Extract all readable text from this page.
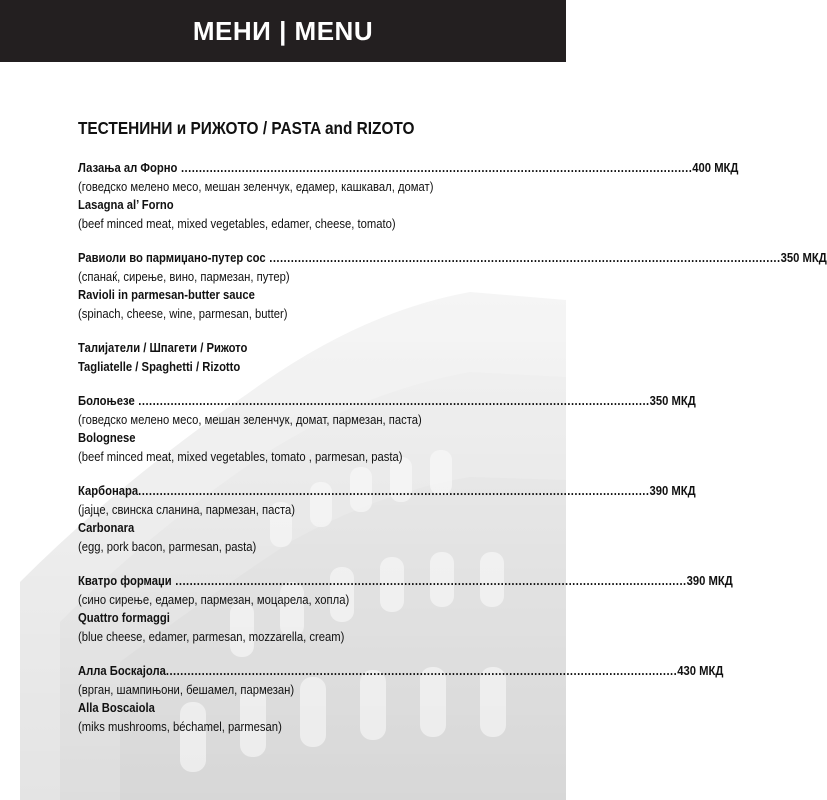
МЕНИ | MENU
ТЕСТЕНИНИ и РИЖОТО / PASTA and RIZOTO
Лазања ал Форно ............................................................................................................................................... 400 МКД
(говедско мелено месо, мешан зеленчук, едамер, кашкавал, домат)
Lasagna al’ Forno
(beef minced meat, mixed vegetables, edamer, cheese, tomato)
Равиоли во пармиџано-путер сос ............................................................................................................................................... 350 МКД
(спанаќ, сирење, вино, пармезан, путер)
Ravioli in parmesan-butter sauce
(spinach, cheese, wine, parmesan, butter)
Талијатели / Шпагети / Рижото
Tagliatelle / Spaghetti / Rizotto
Болоњезе ............................................................................................................................................... 350 МКД
(говедско мелено месо, мешан зеленчук, домат, пармезан, паста)
Bolognese
(beef minced meat, mixed vegetables, tomato , parmesan, pasta)
Карбонара ............................................................................................................................................... 390 МКД
(јајце, свинска сланина, пармезан, паста)
Carbonara
(egg, pork bacon, parmesan, pasta)
Кватро формаџи ............................................................................................................................................... 390 МКД
(сино сирење, едамер, пармезан, моцарела, хопла)
Quattro formaggi
(blue cheese, edamer, parmesan, mozzarella, cream)
Алла Боскајола ............................................................................................................................................... 430 МКД
(врган, шампињони, бешамел, пармезан)
Alla Boscaiola
(miks mushrooms, béchamel, parmesan)
